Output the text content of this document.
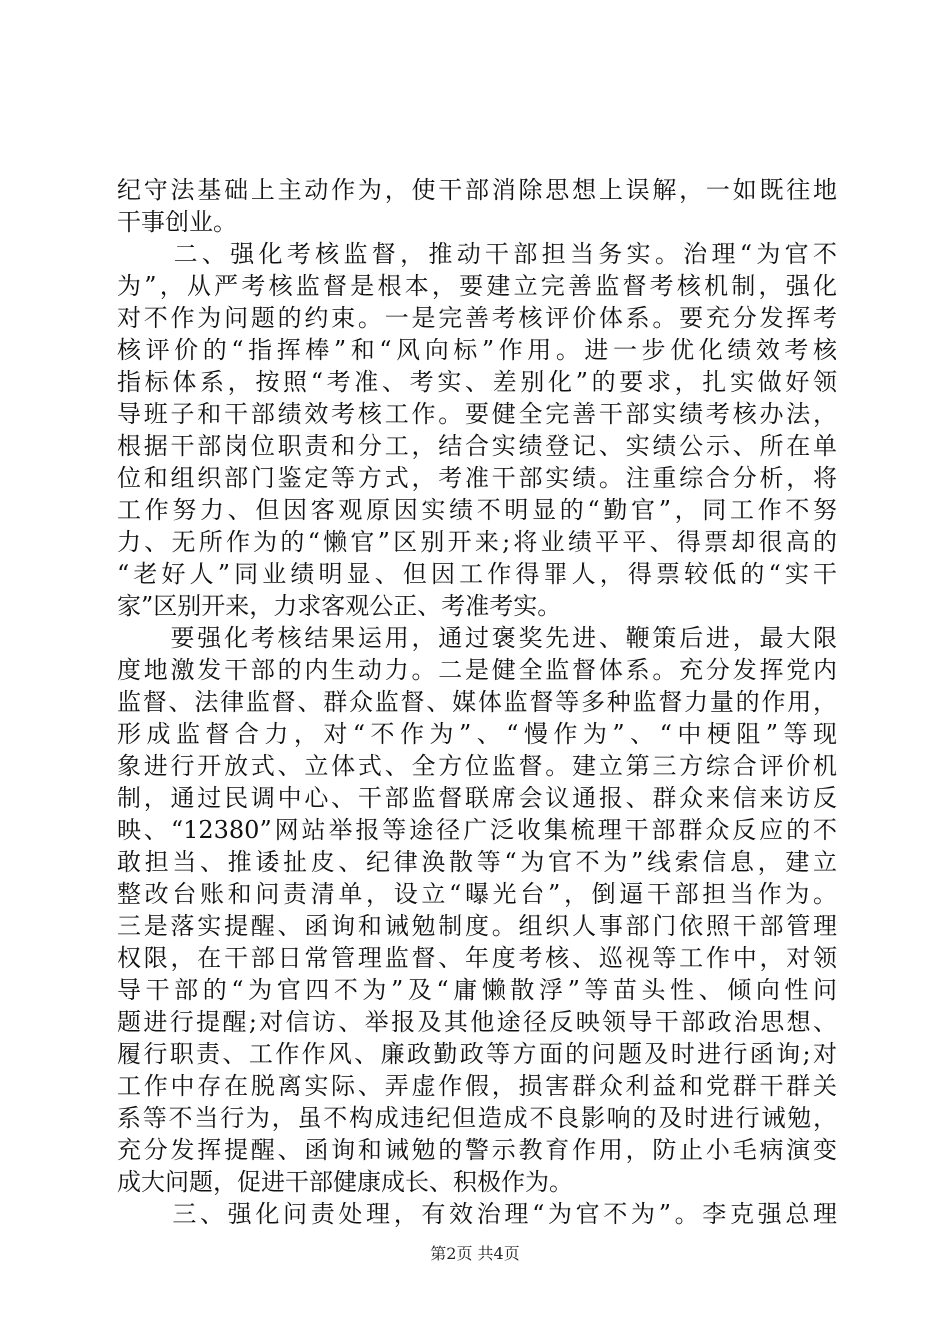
纪守法基础上主动作为，使干部消除思想上误解，一如既往地
干事创业。
　　二、强化考核监督，推动干部担当务实。治理“为官不
为”，从严考核监督是根本，要建立完善监督考核机制，强化
对不作为问题的约束。一是完善考核评价体系。要充分发挥考
核评价的“指挥棒”和“风向标”作用。进一步优化绩效考核
指标体系，按照“考准、考实、差别化”的要求，扎实做好领
导班子和干部绩效考核工作。要健全完善干部实绩考核办法，
根据干部岗位职责和分工，结合实绩登记、实绩公示、所在单
位和组织部门鉴定等方式，考准干部实绩。注重综合分析，将
工作努力、但因客观原因实绩不明显的“勤官”，同工作不努
力、无所作为的“懒官”区别开来;将业绩平平、得票却很高的
“老好人”同业绩明显、但因工作得罪人，得票较低的“实干
家”区别开来，力求客观公正、考准考实。
　　要强化考核结果运用，通过褒奖先进、鞭策后进，最大限
度地激发干部的内生动力。二是健全监督体系。充分发挥党内
监督、法律监督、群众监督、媒体监督等多种监督力量的作用，
形成监督合力，对“不作为”、“慢作为”、“中梗阻”等现
象进行开放式、立体式、全方位监督。建立第三方综合评价机
制，通过民调中心、干部监督联席会议通报、群众来信来访反
映、“12380”网站举报等途径广泛收集梳理干部群众反应的不
敢担当、推诿扯皮、纪律涣散等“为官不为”线索信息，建立
整改台账和问责清单，设立“曝光台”，倒逼干部担当作为。
三是落实提醒、函询和诫勉制度。组织人事部门依照干部管理
权限，在干部日常管理监督、年度考核、巡视等工作中，对领
导干部的“为官四不为”及“庸懒散浮”等苗头性、倾向性问
题进行提醒;对信访、举报及其他途径反映领导干部政治思想、
履行职责、工作作风、廉政勤政等方面的问题及时进行函询;对
工作中存在脱离实际、弄虚作假，损害群众利益和党群干群关
系等不当行为，虽不构成违纪但造成不良影响的及时进行诫勉，
充分发挥提醒、函询和诫勉的警示教育作用，防止小毛病演变
成大问题，促进干部健康成长、积极作为。
　　三、强化问责处理，有效治理“为官不为”。李克强总理
第2页 共4页
